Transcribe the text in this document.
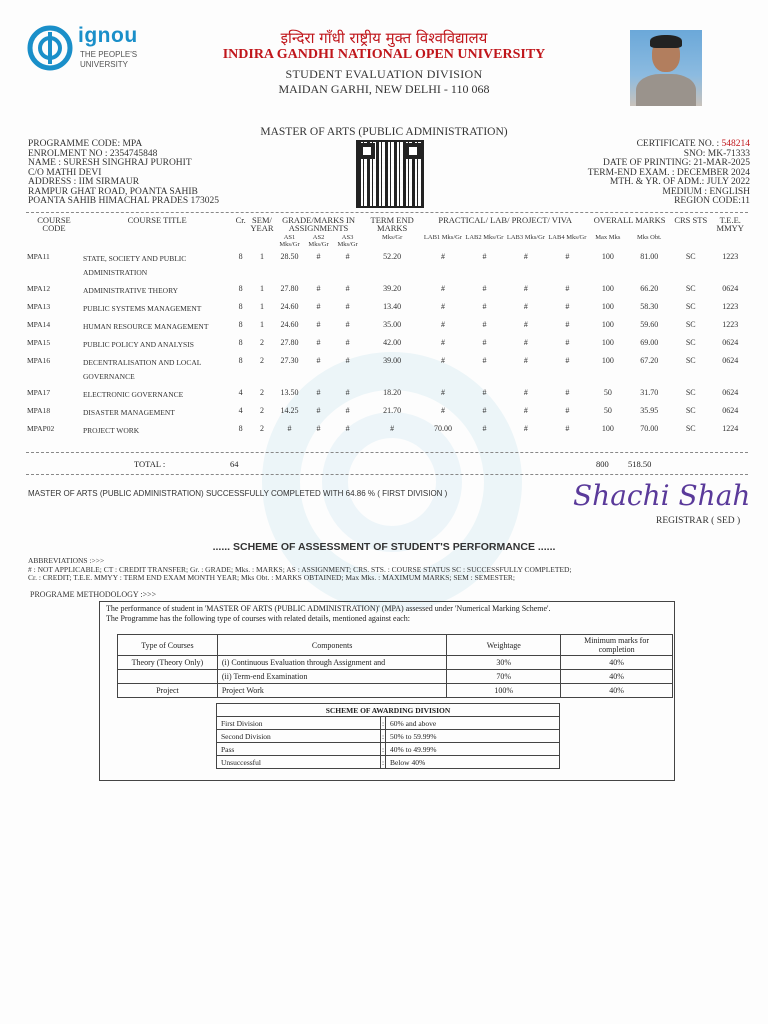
ignou
THE PEOPLE'S
UNIVERSITY
इन्दिरा गाँधी राष्ट्रीय मुक्त विश्वविद्यालय
INDIRA GANDHI NATIONAL OPEN UNIVERSITY
STUDENT EVALUATION DIVISION
MAIDAN GARHI, NEW DELHI - 110 068
MASTER OF ARTS (PUBLIC ADMINISTRATION)
PROGRAMME CODE: MPA
ENROLMENT NO : 2354745848
NAME : SURESH SINGHRAJ PUROHIT
C/O MATHI DEVI
ADDRESS : IIM SIRMAUR
RAMPUR GHAT ROAD, POANTA SAHIB
POANTA SAHIB HIMACHAL PRADES 173025
CERTIFICATE NO. : 548214
SNO: MK-71333
DATE OF PRINTING: 21-MAR-2025
TERM-END EXAM. : DECEMBER 2024
MTH. & YR. OF ADM.: JULY 2022
MEDIUM : ENGLISH
REGION CODE:11
COURSE CODE	COURSE TITLE	Cr.	SEM/ YEAR	GRADE/MARKS IN ASSIGNMENTS			TERM END MARKS	PRACTICAL/ LAB/ PROJECT/ VIVA				OVERALL MARKS		CRS STS	T.E.E. MMYY
				AS1 Mks/Gr	AS2 Mks/Gr	AS3 Mks/Gr	Mks/Gr	LAB1 Mks/Gr	LAB2 Mks/Gr	LAB3 Mks/Gr	LAB4 Mks/Gr	Max Mks	Mks Obt.		
MPA11	STATE, SOCIETY AND PUBLIC ADMINISTRATION	8	1	28.50	#	#	52.20	#	#	#	#	100	81.00	SC	1223
MPA12	ADMINISTRATIVE THEORY	8	1	27.80	#	#	39.20	#	#	#	#	100	66.20	SC	0624
MPA13	PUBLIC SYSTEMS MANAGEMENT	8	1	24.60	#	#	13.40	#	#	#	#	100	58.30	SC	1223
MPA14	HUMAN RESOURCE MANAGEMENT	8	1	24.60	#	#	35.00	#	#	#	#	100	59.60	SC	1223
MPA15	PUBLIC POLICY AND ANALYSIS	8	2	27.80	#	#	42.00	#	#	#	#	100	69.00	SC	0624
MPA16	DECENTRALISATION AND LOCAL GOVERNANCE	8	2	27.30	#	#	39.00	#	#	#	#	100	67.20	SC	0624
MPA17	ELECTRONIC GOVERNANCE	4	2	13.50	#	#	18.20	#	#	#	#	50	31.70	SC	0624
MPA18	DISASTER MANAGEMENT	4	2	14.25	#	#	21.70	#	#	#	#	50	35.95	SC	0624
MPAP02	PROJECT WORK	8	2	#	#	#	#	70.00	#	#	#	100	70.00	SC	1224
TOTAL :	64	800 518.50
MASTER OF ARTS (PUBLIC ADMINISTRATION) SUCCESSFULLY COMPLETED WITH 64.86 % ( FIRST DIVISION )	Shachi Shah
REGISTRAR ( SED )
...... SCHEME OF ASSESSMENT OF STUDENT'S PERFORMANCE ......
ABBREVIATIONS :>>>
# : NOT APPLICABLE; CT : CREDIT TRANSFER; Gr. : GRADE; Mks. : MARKS; AS : ASSIGNMENT; CRS. STS. : COURSE STATUS SC : SUCCESSFULLY COMPLETED;
Cr. : CREDIT; T.E.E. MMYY : TERM END EXAM MONTH YEAR; Mks Obt. : MARKS OBTAINED; Max Mks. : MAXIMUM MARKS; SEM : SEMESTER;
PROGRAME METHODOLOGY :>>>
The performance of student in 'MASTER OF ARTS (PUBLIC ADMINISTRATION)' (MPA) assessed under 'Numerical Marking Scheme'.
The Programme has the following type of courses with related details, mentioned against each:
Type of Courses	Components	Weightage	Minimum marks for completion
Theory (Theory Only)	(i) Continuous Evaluation through Assignment and	30%	40%
	(ii) Term-end Examination	70%	40%
Project	Project Work	100%	40%
SCHEME OF AWARDING DIVISION		
First Division	:	60% and above
Second Division	:	50% to 59.99%
Pass	:	40% to 49.99%
Unsuccessful	:	Below 40%
